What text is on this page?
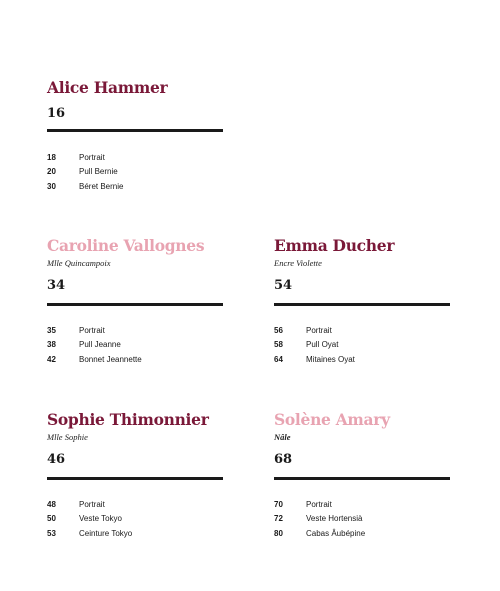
Alice Hammer
16
18	Portrait
20	Pull Bernie
30	Béret Bernie
Caroline Vallognes
Mlle Quincampoix
34
35	Portrait
38	Pull Jeanne
42	Bonnet Jeannette
Emma Ducher
Encre Violette
54
56	Portrait
58	Pull Oyat
64	Mitaines Oyat
Sophie Thimonnier
Mlle Sophie
46
48	Portrait
50	Veste Tokyo
53	Ceinture Tokyo
Solène Amary
Nâle
68
70	Portrait
72	Veste Hortensià
80	Cabas Âubépine
